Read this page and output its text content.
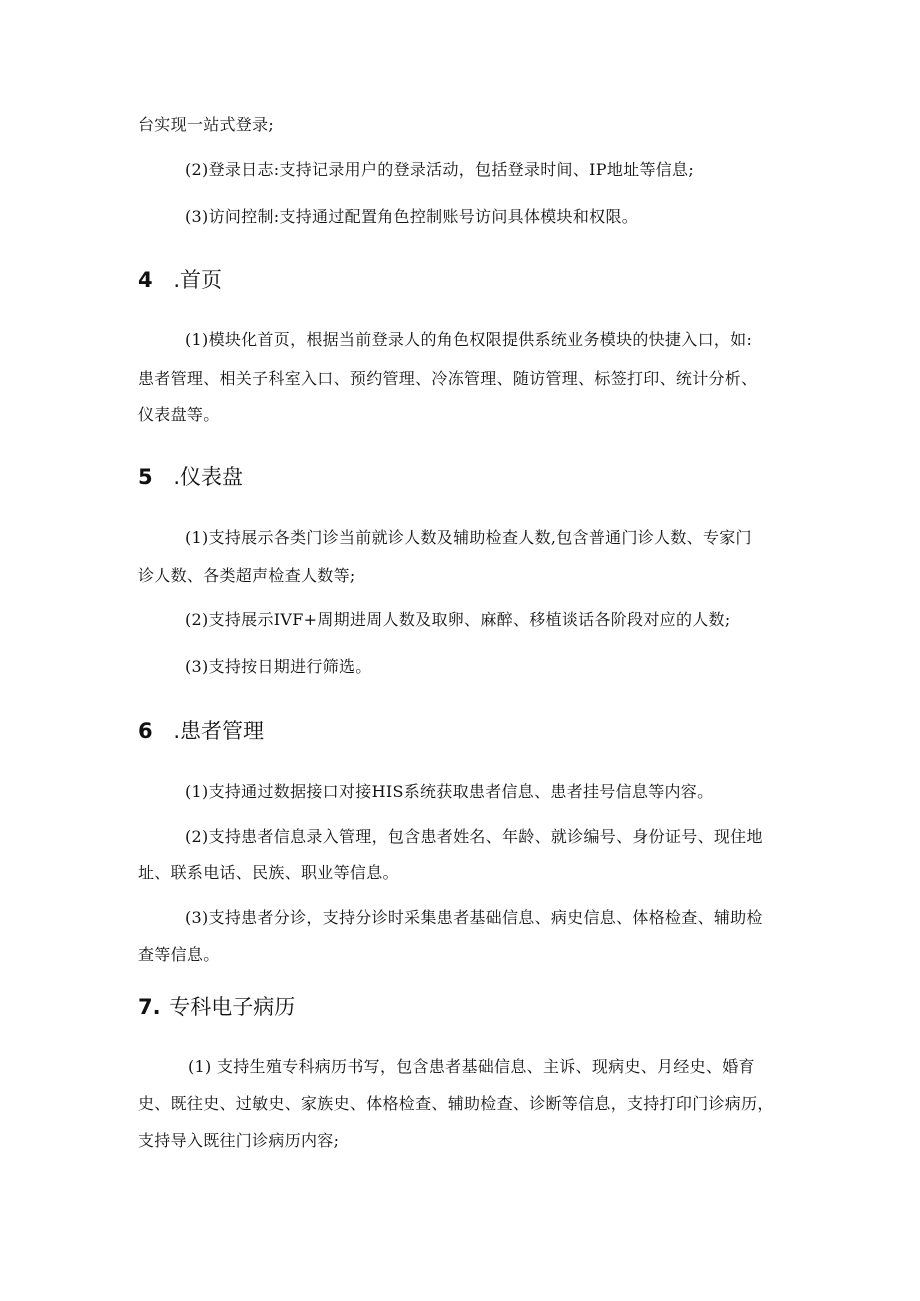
台实现一站式登录;
(2)登录日志:支持记录用户的登录活动，包括登录时间、IP地址等信息;
(3)访问控制:支持通过配置角色控制账号访问具体模块和权限。
4 .首页
(1)模块化首页，根据当前登录人的角色权限提供系统业务模块的快捷入口，如:
患者管理、相关子科室入口、预约管理、冷冻管理、随访管理、标签打印、统计分析、
仪表盘等。
5 .仪表盘
(1)支持展示各类门诊当前就诊人数及辅助检查人数,包含普通门诊人数、专家门
诊人数、各类超声检查人数等;
(2)支持展示IVF+周期进周人数及取卵、麻醉、移植谈话各阶段对应的人数;
(3)支持按日期进行筛选。
6 .患者管理
(1)支持通过数据接口对接HIS系统获取患者信息、患者挂号信息等内容。
(2)支持患者信息录入管理，包含患者姓名、年龄、就诊编号、身份证号、现住地
址、联系电话、民族、职业等信息。
(3)支持患者分诊，支持分诊时采集患者基础信息、病史信息、体格检查、辅助检
查等信息。
7. 专科电子病历
(1) 支持生殖专科病历书写，包含患者基础信息、主诉、现病史、月经史、婚育
史、既往史、过敏史、家族史、体格检查、辅助检查、诊断等信息，支持打印门诊病历，
支持导入既往门诊病历内容;
